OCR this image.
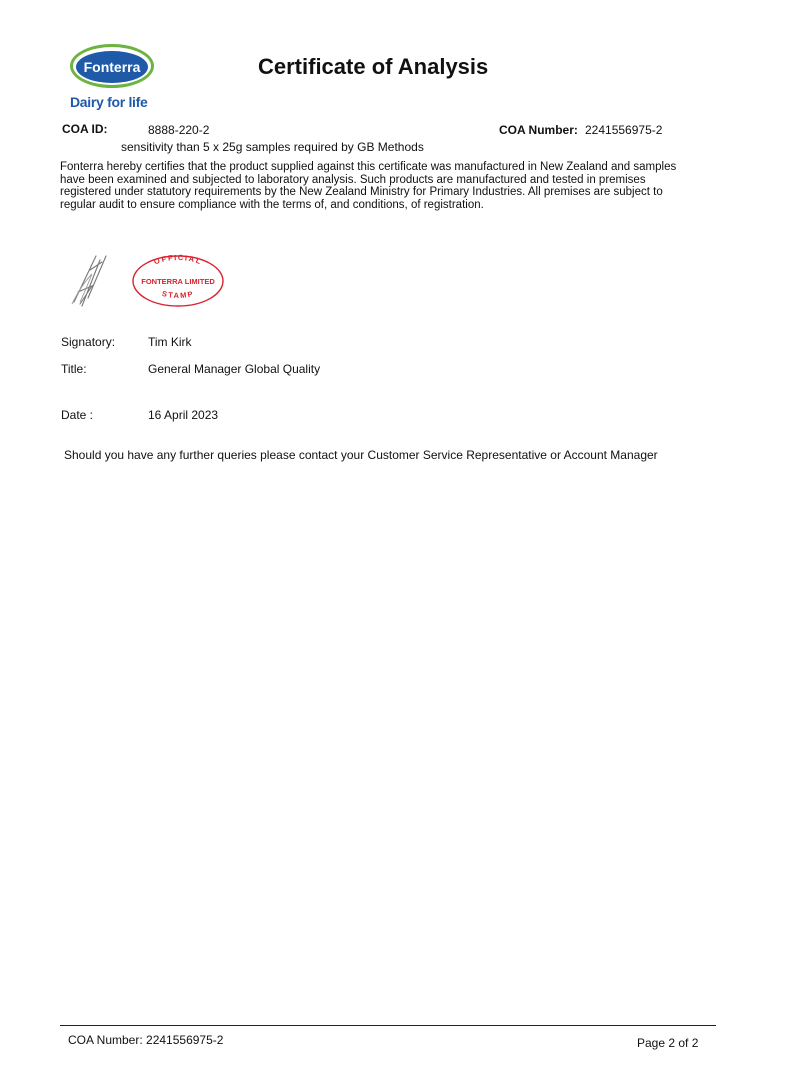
Fonterra
Dairy for life
Certificate of Analysis
COA ID:	8888-220-2	COA Number: 2241556975-2
sensitivity than 5 x 25g samples required by GB Methods

Fonterra hereby certifies that the product supplied against this certificate was manufactured in New Zealand and samples

have been examined and subjected to laboratory analysis. Such products are manufactured and tested in premises

registered under statutory requirements by the New Zealand Ministry for Primary Industries. All premises are subject to

regular audit to ensure compliance with the terms of, and conditions, of registration.

OFFICIAL
FONTERRA LIMITED
STAMP
Signatory:	Tim Kirk
Title:	General Manager Global Quality
Date :	16 April 2023
Should you have any further queries please contact your Customer Service Representative or Account Manager
COA Number: 2241556975-2	Page 2 of 2
